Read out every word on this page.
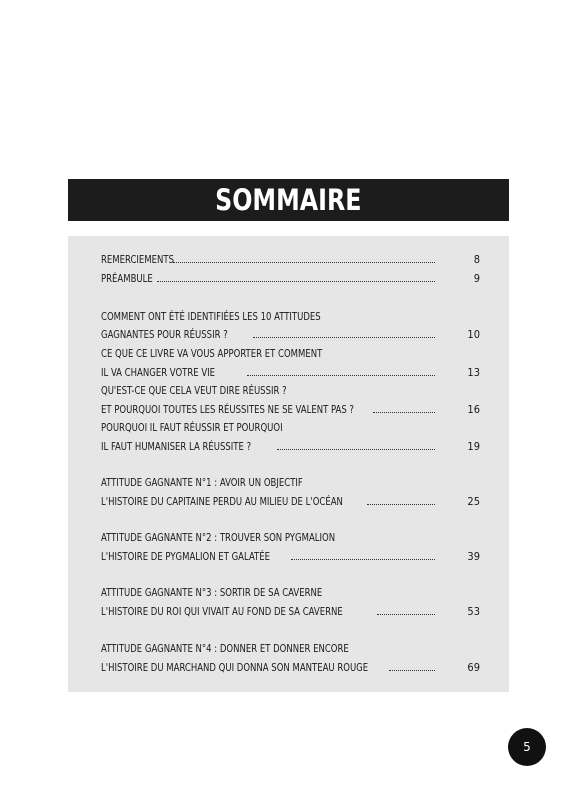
SOMMAIRE
REMERCIEMENTS	8
PRÉAMBULE	9
COMMENT ONT ÉTÉ IDENTIFIÉES LES 10 ATTITUDES
GAGNANTES POUR RÉUSSIR ?	10
CE QUE CE LIVRE VA VOUS APPORTER ET COMMENT
IL VA CHANGER VOTRE VIE	13
QU'EST-CE QUE CELA VEUT DIRE RÉUSSIR ?
ET POURQUOI TOUTES LES RÉUSSITES NE SE VALENT PAS ?	16
POURQUOI IL FAUT RÉUSSIR ET POURQUOI
IL FAUT HUMANISER LA RÉUSSITE ?	19
ATTITUDE GAGNANTE N°1 : AVOIR UN OBJECTIF
L'HISTOIRE DU CAPITAINE PERDU AU MILIEU DE L'OCÉAN	25
ATTITUDE GAGNANTE N°2 : TROUVER SON PYGMALION
L'HISTOIRE DE PYGMALION ET GALATÉE	39
ATTITUDE GAGNANTE N°3 : SORTIR DE SA CAVERNE
L'HISTOIRE DU ROI QUI VIVAIT AU FOND DE SA CAVERNE	53
ATTITUDE GAGNANTE N°4 : DONNER ET DONNER ENCORE
L'HISTOIRE DU MARCHAND QUI DONNA SON MANTEAU ROUGE	69
5
